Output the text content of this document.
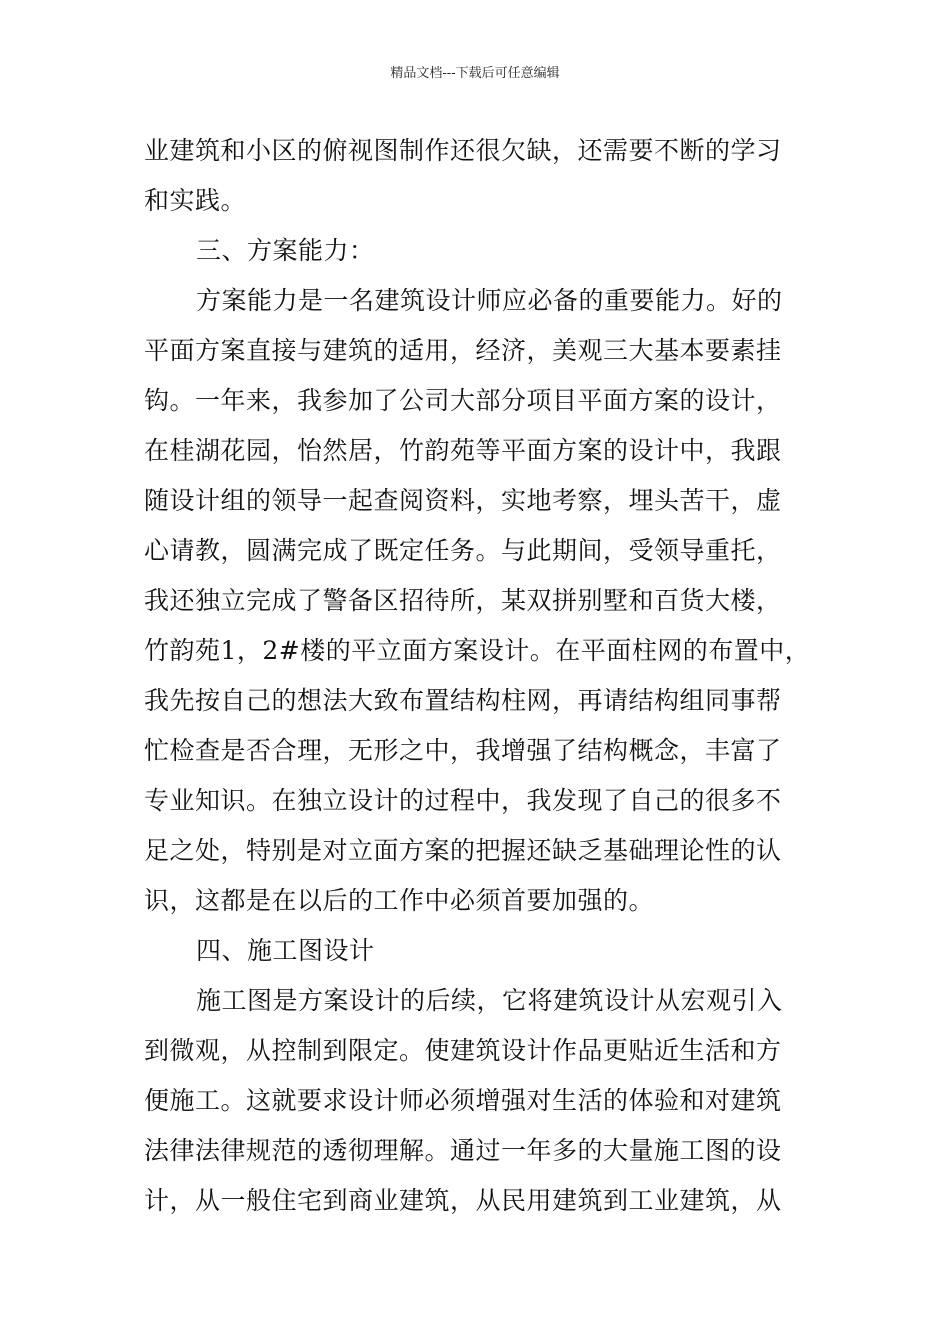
精品文档---下载后可任意编辑
业建筑和小区的俯视图制作还很欠缺，还需要不断的学习
和实践。
三、方案能力：
方案能力是一名建筑设计师应必备的重要能力。好的
平面方案直接与建筑的适用，经济，美观三大基本要素挂
钩。一年来，我参加了公司大部分项目平面方案的设计，
在桂湖花园，怡然居，竹韵苑等平面方案的设计中，我跟
随设计组的领导一起查阅资料，实地考察，埋头苦干，虚
心请教，圆满完成了既定任务。与此期间，受领导重托，
我还独立完成了警备区招待所，某双拼别墅和百货大楼，
竹韵苑1，2#楼的平立面方案设计。在平面柱网的布置中，
我先按自己的想法大致布置结构柱网，再请结构组同事帮
忙检查是否合理，无形之中，我增强了结构概念，丰富了
专业知识。在独立设计的过程中，我发现了自己的很多不
足之处，特别是对立面方案的把握还缺乏基础理论性的认
识，这都是在以后的工作中必须首要加强的。
四、施工图设计
施工图是方案设计的后续，它将建筑设计从宏观引入
到微观，从控制到限定。使建筑设计作品更贴近生活和方
便施工。这就要求设计师必须增强对生活的体验和对建筑
法律法律规范的透彻理解。通过一年多的大量施工图的设
计，从一般住宅到商业建筑，从民用建筑到工业建筑，从
